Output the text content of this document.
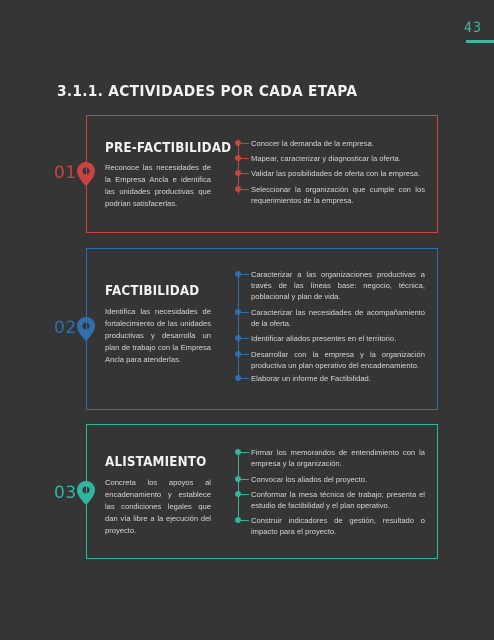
43
3.1.1. ACTIVIDADES POR CADA ETAPA
01
PRE-FACTIBILIDAD

Reconoce las necesidades de la Empresa Ancla e identifica las unidades productivas que podrían satisfacerlas.

Conocer la demanda de la empresa.
Mapear, caracterizar y diagnosticar la oferta.
Validar las posibilidades de oferta con la empresa.
Seleccionar la organización que cumple con los requerimientos de la empresa.
02
FACTIBILIDAD

Identifica las necesidades de fortalecimiento de las unidades productivas y desarrolla un plan de trabajo con la Empresa Ancla para atenderlas.

Caracterizar a las organizaciones productivas a través de las líneas base: negocio, técnica, poblacional y plan de vida.
Caracterizar las necesidades de acompañamiento de la oferta.
Identificar aliados presentes en el territorio.
Desarrollar con la empresa y la organización productiva un plan operativo del encadenamiento.
Elaborar un informe de Factibilidad.
03
ALISTAMIENTO

Concreta los apoyos al encadenamiento y establece las condiciones legales que dan vía libre a la ejecución del proyecto.

Firmar los memorandos de entendimiento con la empresa y la organización.
Convocar los aliados del proyecto.
Conformar la mesa técnica de trabajo: presenta el estudio de factibilidad y el plan operativo.
Construir indicadores de gestión, resultado o impacto para el proyecto.
